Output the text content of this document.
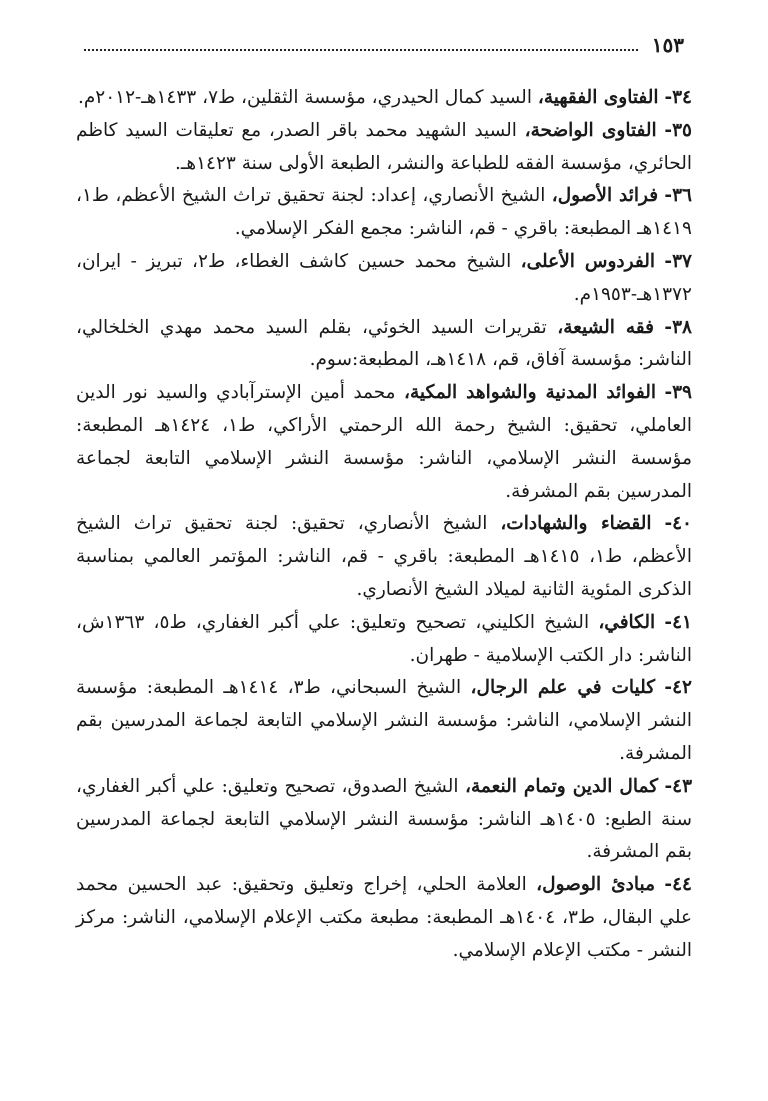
١٥٣

٣٤- الفتاوى الفقهية، السيد كمال الحيدري، مؤسسة الثقلين، ط٧، ١٤٣٣هـ-٢٠١٢م.

٣٥- الفتاوى الواضحة، السيد الشهيد محمد باقر الصدر، مع تعليقات السيد كاظم الحائري، مؤسسة الفقه للطباعة والنشر، الطبعة الأولى سنة ١٤٢٣هـ.

٣٦- فرائد الأصول، الشيخ الأنصاري، إعداد: لجنة تحقيق تراث الشيخ الأعظم، ط١، ١٤١٩هـ المطبعة: باقري - قم، الناشر: مجمع الفكر الإسلامي.

٣٧- الفردوس الأعلى، الشيخ محمد حسين كاشف الغطاء، ط٢، تبريز - ايران، ١٣٧٢هـ-١٩٥٣م.

٣٨- فقه الشيعة، تقريرات السيد الخوئي، بقلم السيد محمد مهدي الخلخالي، الناشر: مؤسسة آفاق، قم، ١٤١٨هـ، المطبعة:سوم.

٣٩- الفوائد المدنية والشواهد المكية، محمد أمين الإسترآبادي والسيد نور الدين العاملي، تحقيق: الشيخ رحمة الله الرحمتي الأراكي، ط١، ١٤٢٤هـ المطبعة: مؤسسة النشر الإسلامي، الناشر: مؤسسة النشر الإسلامي التابعة لجماعة المدرسين بقم المشرفة.

٤٠- القضاء والشهادات، الشيخ الأنصاري، تحقيق: لجنة تحقيق تراث الشيخ الأعظم، ط١، ١٤١٥هـ المطبعة: باقري - قم، الناشر: المؤتمر العالمي بمناسبة الذكرى المئوية الثانية لميلاد الشيخ الأنصاري.

٤١- الكافي، الشيخ الكليني، تصحيح وتعليق: علي أكبر الغفاري، ط٥، ١٣٦٣ش، الناشر: دار الكتب الإسلامية - طهران.

٤٢- كليات في علم الرجال، الشيخ السبحاني، ط٣، ١٤١٤هـ المطبعة: مؤسسة النشر الإسلامي، الناشر: مؤسسة النشر الإسلامي التابعة لجماعة المدرسين بقم المشرفة.

٤٣- كمال الدين وتمام النعمة، الشيخ الصدوق، تصحيح وتعليق: علي أكبر الغفاري، سنة الطبع: ١٤٠٥هـ الناشر: مؤسسة النشر الإسلامي التابعة لجماعة المدرسين بقم المشرفة.

٤٤- مبادئ الوصول، العلامة الحلي، إخراج وتعليق وتحقيق: عبد الحسين محمد علي البقال، ط٣، ١٤٠٤هـ المطبعة: مطبعة مكتب الإعلام الإسلامي، الناشر: مركز النشر - مكتب الإعلام الإسلامي.
